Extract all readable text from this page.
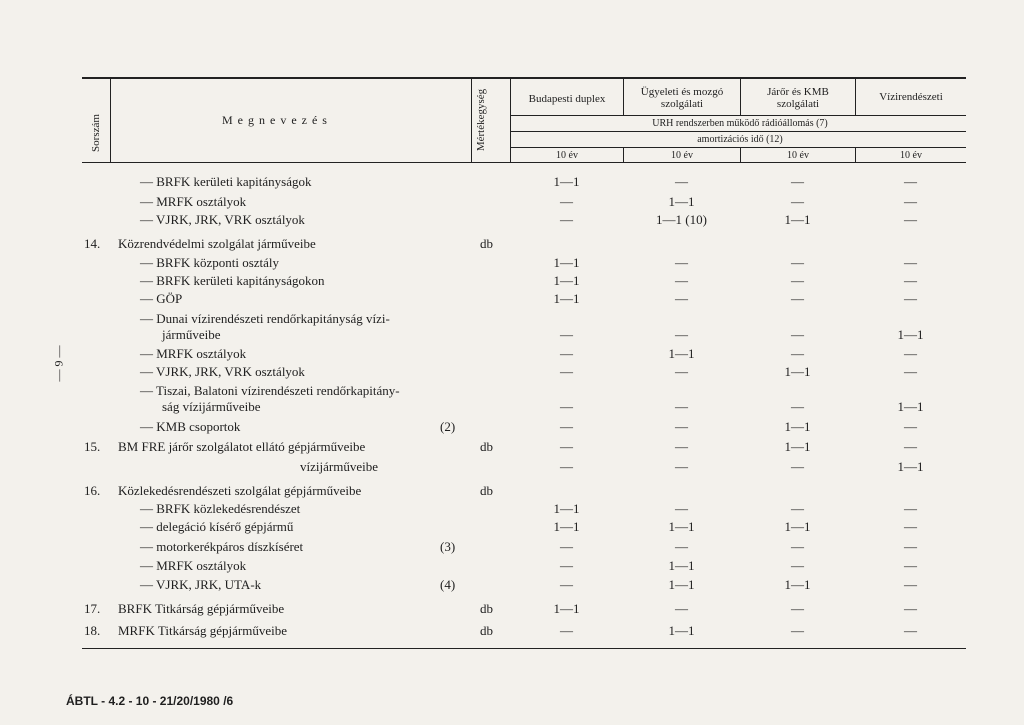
Sorszám	M e g n e v e z é s	Mértékegység	Budapesti duplex
Ügyeleti és mozgó
szolgálati
Járőr és KMB
szolgálati
Vízirendészeti
URH rendszerben működő rádióállomás (7)
amortizációs idő (12)
10 év	10 év	10 év	10 év
— BRFK kerületi kapitányságok	1—1	—	—	—
— MRFK osztályok	—	1—1	—	—
— VJRK, JRK, VRK osztályok	—	1—1 (10)	1—1	—
14. Közrendvédelmi szolgálat járműveibe	db
— BRFK központi osztály	1—1	—	—	—
— BRFK kerületi kapitányságokon	1—1	—	—	—
— GÖP	1—1	—	—	—
— Dunai vízirendészeti rendőrkapitányság vízi-
járműveibe	—	—	—	1—1
— MRFK osztályok	—	1—1	—	—
— VJRK, JRK, VRK osztályok	—	—	1—1	—
— Tiszai, Balatoni vízirendészeti rendőrkapitány-
ság vízijárműveibe	—	—	—	1—1
— KMB csoportok	(2)	—	—	1—1	—
15. BM FRE járőr szolgálatot ellátó gépjárműveibe	db	—	—	1—1	—
vízijárműveibe	—	—	—	1—1
16. Közlekedésrendészeti szolgálat gépjárműveibe	db
— BRFK közlekedésrendészet	1—1	—	—	—
— delegáció kísérő gépjármű	1—1	1—1	1—1	—
— motorkerékpáros díszkíséret	(3)	—	—	—	—
— MRFK osztályok	—	1—1	—	—
— VJRK, JRK, UTA-k	(4)	—	1—1	1—1	—
17. BRFK Titkárság gépjárműveibe	db	1—1	—	—	—
18. MRFK Titkárság gépjárműveibe	db	—	1—1	—	—
— 9 —
ÁBTL - 4.2 - 10 - 21/20/1980 /6
